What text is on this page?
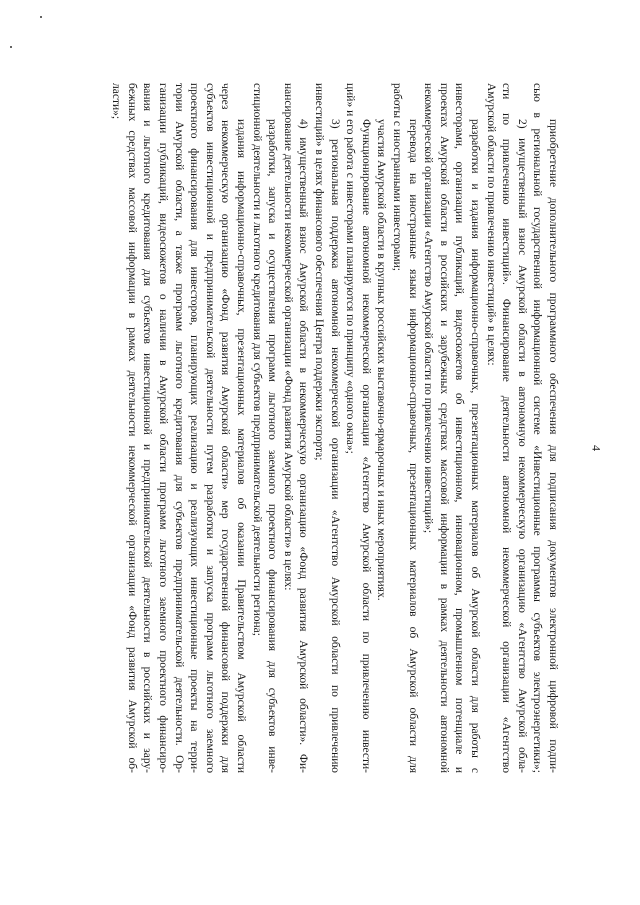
4
приобретение дополнительного программного обеспечения для подписания документов электронной цифровой подпи-
сью в региональной государственной информационной системе «Инвестиционные программы субъектов электроэнергетики»;
2) имущественный взнос Амурской области в автономную некоммерческую организацию «Агентство Амурской обла-
сти по привлечению инвестиций». Финансирование деятельности автономной некоммерческой организации «Агентство
Амурской области по привлечению инвестиций» в целях:
разработки и издания информационно-справочных, презентационных материалов об Амурской области для работы с
инвесторами, организации публикаций, видеосюжетов об инвестиционном, инновационном, промышленном потенциале и
проектах Амурской области в российских и зарубежных средствах массовой информации в рамках деятельности автономной
некоммерческой организации «Агентство Амурской области по привлечению инвестиций»;
перевода на иностранные языки информационно-справочных, презентационных материалов об Амурской области для
работы с иностранными инвесторами;
участия Амурской области в крупных российских выставочно-ярмарочных и иных мероприятиях.
Функционирование автономной некоммерческой организации «Агентство Амурской области по привлечению инвести-
ций» и его работа с инвесторами планируются по принципу «одного окна»;
3) региональная поддержка автономной некоммерческой организации «Агентство Амурской области по привлечению
инвестиций» в целях финансового обеспечения Центра поддержки экспорта;
4) имущественный взнос Амурской области в некоммерческую организацию «Фонд развития Амурской области». Фи-
нансирование деятельности некоммерческой организации «Фонд развития Амурской области» в целях:
разработки, запуска и осуществления программ льготного заемного проектного финансирования для субъектов инве-
стиционной деятельности и льготного кредитования для субъектов предпринимательской деятельности региона;
издания информационно-справочных, презентационных материалов об оказании Правительством Амурской области
через некоммерческую организацию «Фонд развития Амурской области» мер государственной финансовой поддержки для
субъектов инвестиционной и предпринимательской деятельности путем разработки и запуска программ льготного заемного
проектного финансирования для инвесторов, планирующих реализацию и реализующих инвестиционные проекты на терри-
тории Амурской области, а также программ льготного кредитования для субъектов предпринимательской деятельности. Ор-
ганизации публикаций, видеосюжетов о наличии в Амурской области программ льготного заемного проектного финансиро-
вания и льготного кредитования для субъектов инвестиционной и предпринимательской деятельности в российских и зару-
бежных средствах массовой информации в рамках деятельности некоммерческой организации «Фонд развития Амурской об-
ласти»;
